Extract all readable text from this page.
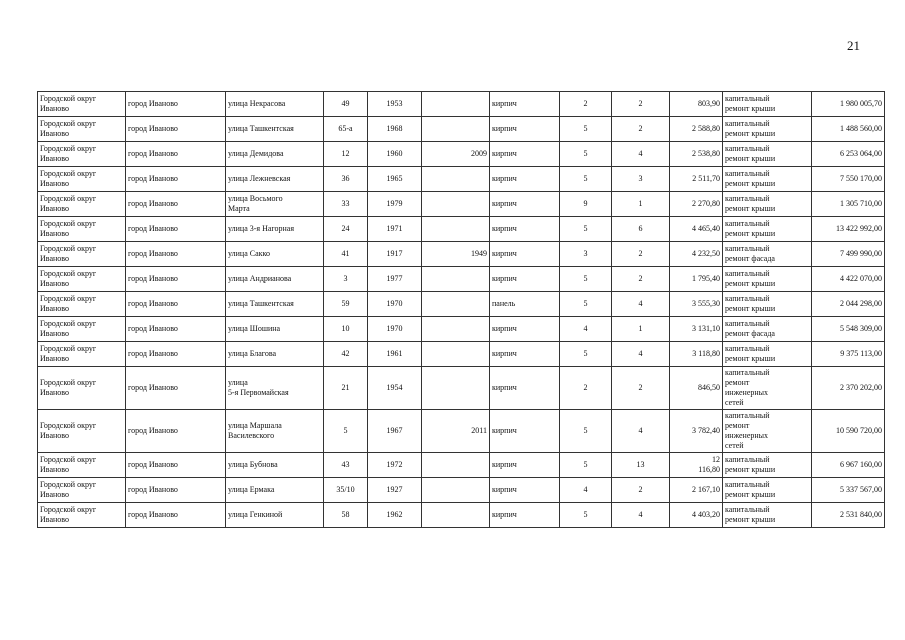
21
Городской округ
Иваново	город Иваново	улица Некрасова	49	1953		кирпич	2	2	803,90	капитальный
ремонт крыши	1 980 005,70
Городской округ
Иваново	город Иваново	улица Ташкентская	65-а	1968		кирпич	5	2	2 588,80	капитальный
ремонт крыши	1 488 560,00
Городской округ
Иваново	город Иваново	улица Демидова	12	1960	2009	кирпич	5	4	2 538,80	капитальный
ремонт крыши	6 253 064,00
Городской округ
Иваново	город Иваново	улица Лежневская	36	1965		кирпич	5	3	2 511,70	капитальный
ремонт крыши	7 550 170,00
Городской округ
Иваново	город Иваново	улица Восьмого
Марта	33	1979		кирпич	9	1	2 270,80	капитальный
ремонт крыши	1 305 710,00
Городской округ
Иваново	город Иваново	улица 3-я Нагорная	24	1971		кирпич	5	6	4 465,40	капитальный
ремонт крыши	13 422 992,00
Городской округ
Иваново	город Иваново	улица Сакко	41	1917	1949	кирпич	3	2	4 232,50	капитальный
ремонт фасада	7 499 990,00
Городской округ
Иваново	город Иваново	улица Андрианова	3	1977		кирпич	5	2	1 795,40	капитальный
ремонт крыши	4 422 070,00
Городской округ
Иваново	город Иваново	улица Ташкентская	59	1970		панель	5	4	3 555,30	капитальный
ремонт крыши	2 044 298,00
Городской округ
Иваново	город Иваново	улица Шошина	10	1970		кирпич	4	1	3 131,10	капитальный
ремонт фасада	5 548 309,00
Городской округ
Иваново	город Иваново	улица Благова	42	1961		кирпич	5	4	3 118,80	капитальный
ремонт крыши	9 375 113,00
Городской округ
Иваново	город Иваново	улица
5-я Первомайская	21	1954		кирпич	2	2	846,50	капитальный
ремонт
инженерных
сетей	2 370 202,00
Городской округ
Иваново	город Иваново	улица Маршала
Василевского	5	1967	2011	кирпич	5	4	3 782,40	капитальный
ремонт
инженерных
сетей	10 590 720,00
Городской округ
Иваново	город Иваново	улица Бубнова	43	1972		кирпич	5	13	12
116,80	капитальный
ремонт крыши	6 967 160,00
Городской округ
Иваново	город Иваново	улица Ермака	35/10	1927		кирпич	4	2	2 167,10	капитальный
ремонт крыши	5 337 567,00
Городской округ
Иваново	город Иваново	улица Генкиной	58	1962		кирпич	5	4	4 403,20	капитальный
ремонт крыши	2 531 840,00
